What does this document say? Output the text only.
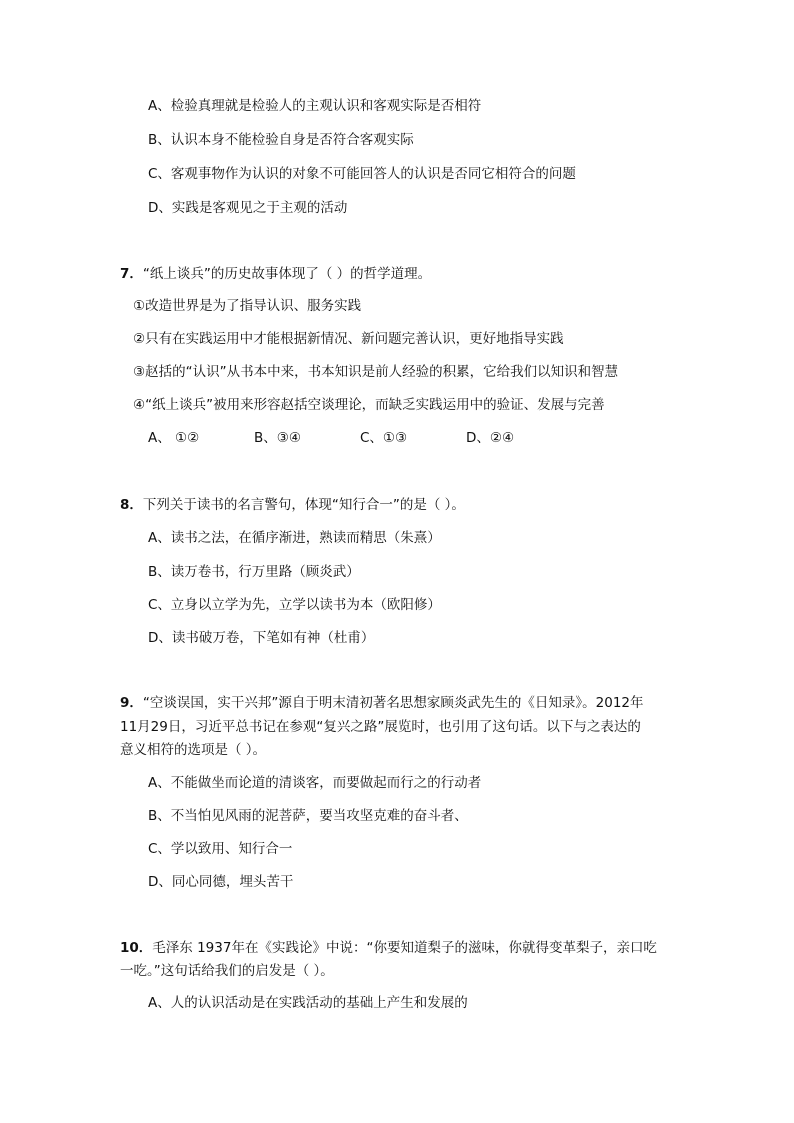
A、检验真理就是检验人的主观认识和客观实际是否相符
B、认识本身不能检验自身是否符合客观实际
C、客观事物作为认识的对象不可能回答人的认识是否同它相符合的问题
D、实践是客观见之于主观的活动
7．“纸上谈兵”的历史故事体现了（ ）的哲学道理。
①改造世界是为了指导认识、服务实践
②只有在实践运用中才能根据新情况、新问题完善认识，更好地指导实践
③赵括的“认识”从书本中来，书本知识是前人经验的积累，它给我们以知识和智慧
④“纸上谈兵”被用来形容赵括空谈理论，而缺乏实践运用中的验证、发展与完善
A、 ①②	B、③④	C、①③	D、②④
8．下列关于读书的名言警句，体现“知行合一”的是（ ）。
A、读书之法，在循序渐进，熟读而精思（朱熹）
B、读万卷书，行万里路（顾炎武）
C、立身以立学为先，立学以读书为本（欧阳修）
D、读书破万卷，下笔如有神（杜甫）
9．“空谈误国，实干兴邦”源自于明末清初著名思想家顾炎武先生的《日知录》。2012年
11月29日，习近平总书记在参观“复兴之路”展览时，也引用了这句话。以下与之表达的
意义相符的选项是（ ）。
A、不能做坐而论道的清谈客，而要做起而行之的行动者
B、不当怕见风雨的泥菩萨，要当攻坚克难的奋斗者、
C、学以致用、知行合一
D、同心同德，埋头苦干
10．毛泽东 1937年在《实践论》中说：“你要知道梨子的滋味，你就得变革梨子，亲口吃
一吃。”这句话给我们的启发是（ ）。
A、人的认识活动是在实践活动的基础上产生和发展的
